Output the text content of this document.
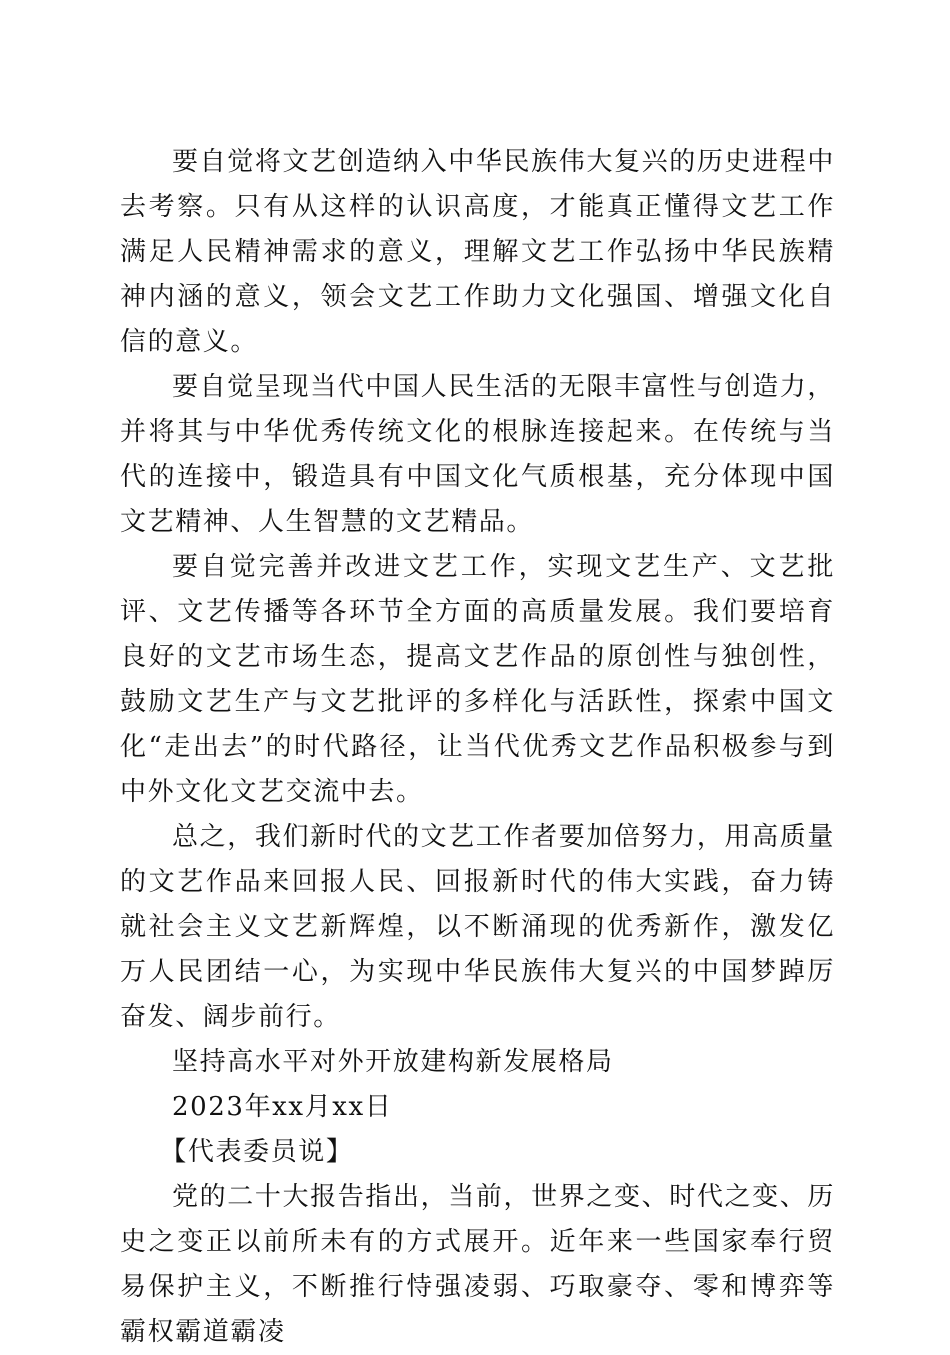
要自觉将文艺创造纳入中华民族伟大复兴的历史进程中去考察。只有从这样的认识高度，才能真正懂得文艺工作满足人民精神需求的意义，理解文艺工作弘扬中华民族精神内涵的意义，领会文艺工作助力文化强国、增强文化自信的意义。

要自觉呈现当代中国人民生活的无限丰富性与创造力，并将其与中华优秀传统文化的根脉连接起来。在传统与当代的连接中，锻造具有中国文化气质根基，充分体现中国文艺精神、人生智慧的文艺精品。

要自觉完善并改进文艺工作，实现文艺生产、文艺批评、文艺传播等各环节全方面的高质量发展。我们要培育良好的文艺市场生态，提高文艺作品的原创性与独创性，鼓励文艺生产与文艺批评的多样化与活跃性，探索中国文化“走出去”的时代路径，让当代优秀文艺作品积极参与到中外文化文艺交流中去。

总之，我们新时代的文艺工作者要加倍努力，用高质量的文艺作品来回报人民、回报新时代的伟大实践，奋力铸就社会主义文艺新辉煌，以不断涌现的优秀新作，激发亿万人民团结一心，为实现中华民族伟大复兴的中国梦踔厉奋发、阔步前行。

坚持高水平对外开放建构新发展格局

2023年xx月xx日

【代表委员说】

党的二十大报告指出，当前，世界之变、时代之变、历史之变正以前所未有的方式展开。近年来一些国家奉行贸易保护主义，不断推行恃强凌弱、巧取豪夺、零和博弈等霸权霸道霸凌
